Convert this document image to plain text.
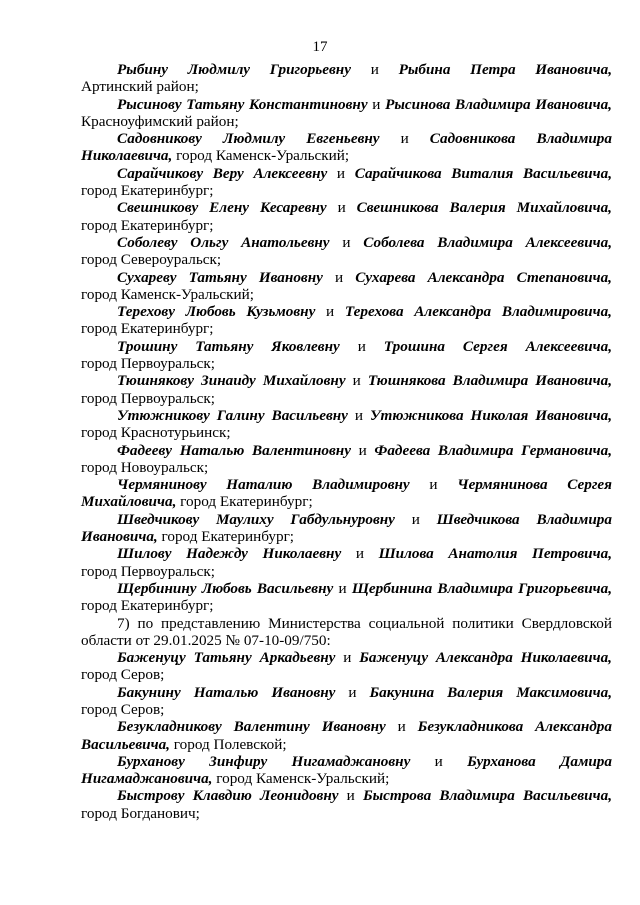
17
Рыбину Людмилу Григорьевну и Рыбина Петра Ивановича,
Артинский район;
Рысинову Татьяну Константиновну и Рысинова Владимира Ивановича,
Красноуфимский район;
Садовникову Людмилу Евгеньевну и Садовникова Владимира
Николаевича, город Каменск-Уральский;
Сарайчикову Веру Алексеевну и Сарайчикова Виталия Васильевича,
город Екатеринбург;
Свешникову Елену Кесаревну и Свешникова Валерия Михайловича,
город Екатеринбург;
Соболеву Ольгу Анатольевну и Соболева Владимира Алексеевича,
город Североуральск;
Сухареву Татьяну Ивановну и Сухарева Александра Степановича,
город Каменск-Уральский;
Терехову Любовь Кузьмовну и Терехова Александра Владимировича,
город Екатеринбург;
Трошину Татьяну Яковлевну и Трошина Сергея Алексеевича,
город Первоуральск;
Тюшнякову Зинаиду Михайловну и Тюшнякова Владимира Ивановича,
город Первоуральск;
Утюжникову Галину Васильевну и Утюжникова Николая Ивановича,
город Краснотурьинск;
Фадееву Наталью Валентиновну и Фадеева Владимира Германовича,
город Новоуральск;
Чермянинову Наталию Владимировну и Чермянинова Сергея
Михайловича, город Екатеринбург;
Шведчикову Маулиху Габдульнуровну и Шведчикова Владимира
Ивановича, город Екатеринбург;
Шилову Надежду Николаевну и Шилова Анатолия Петровича,
город Первоуральск;
Щербинину Любовь Васильевну и Щербинина Владимира Григорьевича,
город Екатеринбург;
7) по представлению Министерства социальной политики Свердловской
области от 29.01.2025 № 07-10-09/750:
Баженуцу Татьяну Аркадьевну и Баженуцу Александра Николаевича,
город Серов;
Бакунину Наталью Ивановну и Бакунина Валерия Максимовича,
город Серов;
Безукладникову Валентину Ивановну и Безукладникова Александра
Васильевича, город Полевской;
Бурханову Зинфиру Нигамаджановну и Бурханова Дамира
Нигамаджановича, город Каменск-Уральский;
Быстрову Клавдию Леонидовну и Быстрова Владимира Васильевича,
город Богданович;
